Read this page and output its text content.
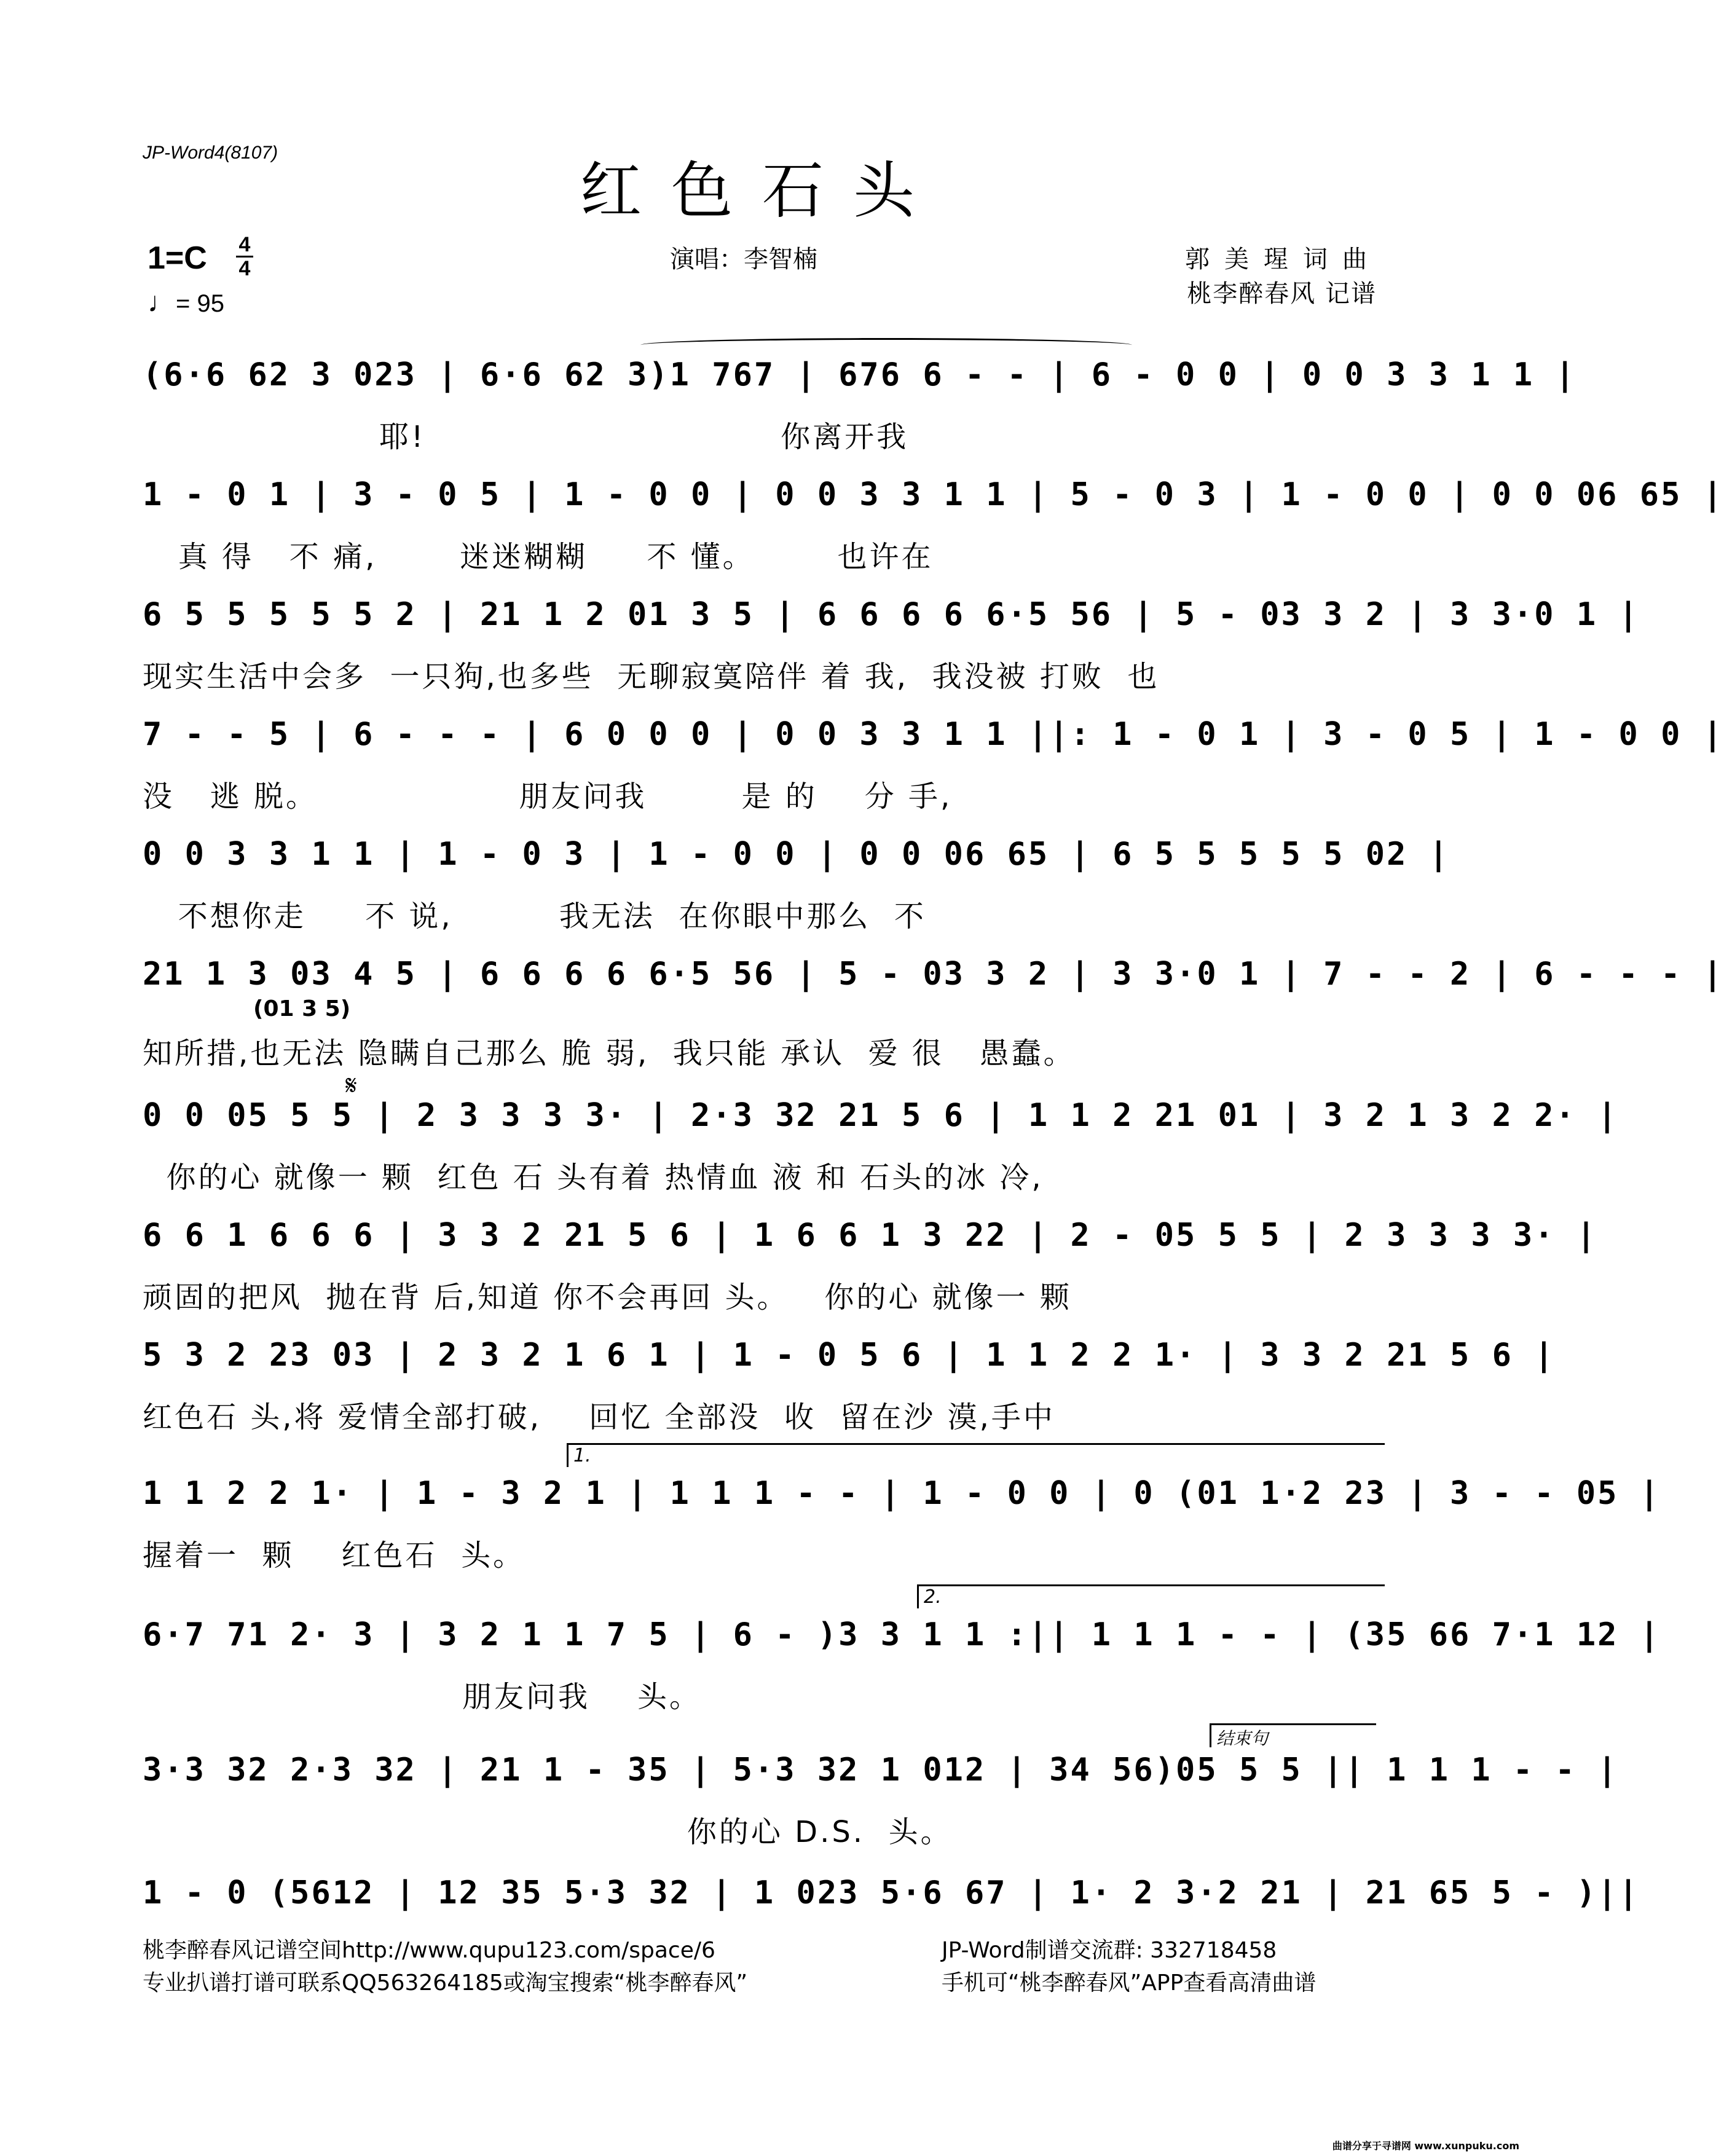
JP-Word4(8107)
红色石头
1=C 4
4
♩= 95
演唱：李智楠	郭美瑆词曲
桃李醉春风 记谱
(6·6 62 3 023 | 6·6 62 3)1 767 | 676 6 - - | 6 - 0 0 | 0 0 3 3 1 1 |
耶!                              你离开我
1 - 0 1 | 3 - 0 5 | 1 - 0 0 | 0 0 3 3 1 1 | 5 - 0 3 | 1 - 0 0 | 0 0 06 65 |
真 得   不 痛,       迷迷糊糊     不 懂。       也许在
6 5 5 5 5 5 2 | 21 1 2 01 3 5 | 6 6 6 6 6·5 56 | 5 - 03 3 2 | 3 3·0 1 |
现实生活中会多  一只狗,也多些  无聊寂寞陪伴 着 我,  我没被 打败  也
7 - - 5 | 6 - - - | 6 0 0 0 | 0 0 3 3 1 1 ||: 1 - 0 1 | 3 - 0 5 | 1 - 0 0 |
没   逃 脱。                 朋友问我        是 的    分 手,
0 0 3 3 1 1 | 1 - 0 3 | 1 - 0 0 | 0 0 06 65 | 6 5 5 5 5 5 02 |
不想你走     不 说,         我无法  在你眼中那么  不
21 1 3 03 4 5 | 6 6 6 6 6·5 56 | 5 - 03 3 2 | 3 3·0 1 | 7 - - 2 | 6 - - - |
(01 3 5)
知所措,也无法 隐瞒自己那么 脆 弱,  我只能 承认  爱 很   愚蠢。
𝄋
0 0 05 5 5 | 2 3 3 3 3· | 2·3 32 21 5 6 | 1 1 2 21 01 | 3 2 1 3 2 2· |
你的心 就像一 颗  红色 石 头有着 热情血 液 和 石头的冰 冷,
6 6 1 6 6 6 | 3 3 2 21 5 6 | 1 6 6 1 3 22 | 2 - 05 5 5 | 2 3 3 3 3· |
顽固的把风  抛在背 后,知道 你不会再回 头。   你的心 就像一 颗
5 3 2 23 03 | 2 3 2 1 6 1 | 1 - 0 5 6 | 1 1 2 2 1· | 3 3 2 21 5 6 |
红色石 头,将 爱情全部打破,    回忆 全部没  收  留在沙 漠,手中
1.
1 1 2 2 1· | 1 - 3 2 1 | 1 1 1 - - | 1 - 0 0 | 0 (01 1·2 23 | 3 - - 05 |
握着一  颗    红色石  头。
2.
6·7 71 2· 3 | 3 2 1 1 7 5 | 6 - )3 3 1 1 :|| 1 1 1 - - | (35 66 7·1 12 |
朋友问我    头。
结束句
3·3 32 2·3 32 | 21 1 - 35 | 5·3 32 1 012 | 34 56)05 5 5 || 1 1 1 - - |
你的心 D.S.  头。
1 - 0 (5612 | 12 35 5·3 32 | 1 023 5·6 67 | 1· 2 3·2 21 | 21 65 5 - )||
桃李醉春风记谱空间http://www.qupu123.com/space/6
专业扒谱打谱可联系QQ563264185或淘宝搜索“桃李醉春风”
JP-Word制谱交流群: 332718458
手机可“桃李醉春风”APP查看高清曲谱
曲谱分享于寻谱网 www.xunpuku.com
